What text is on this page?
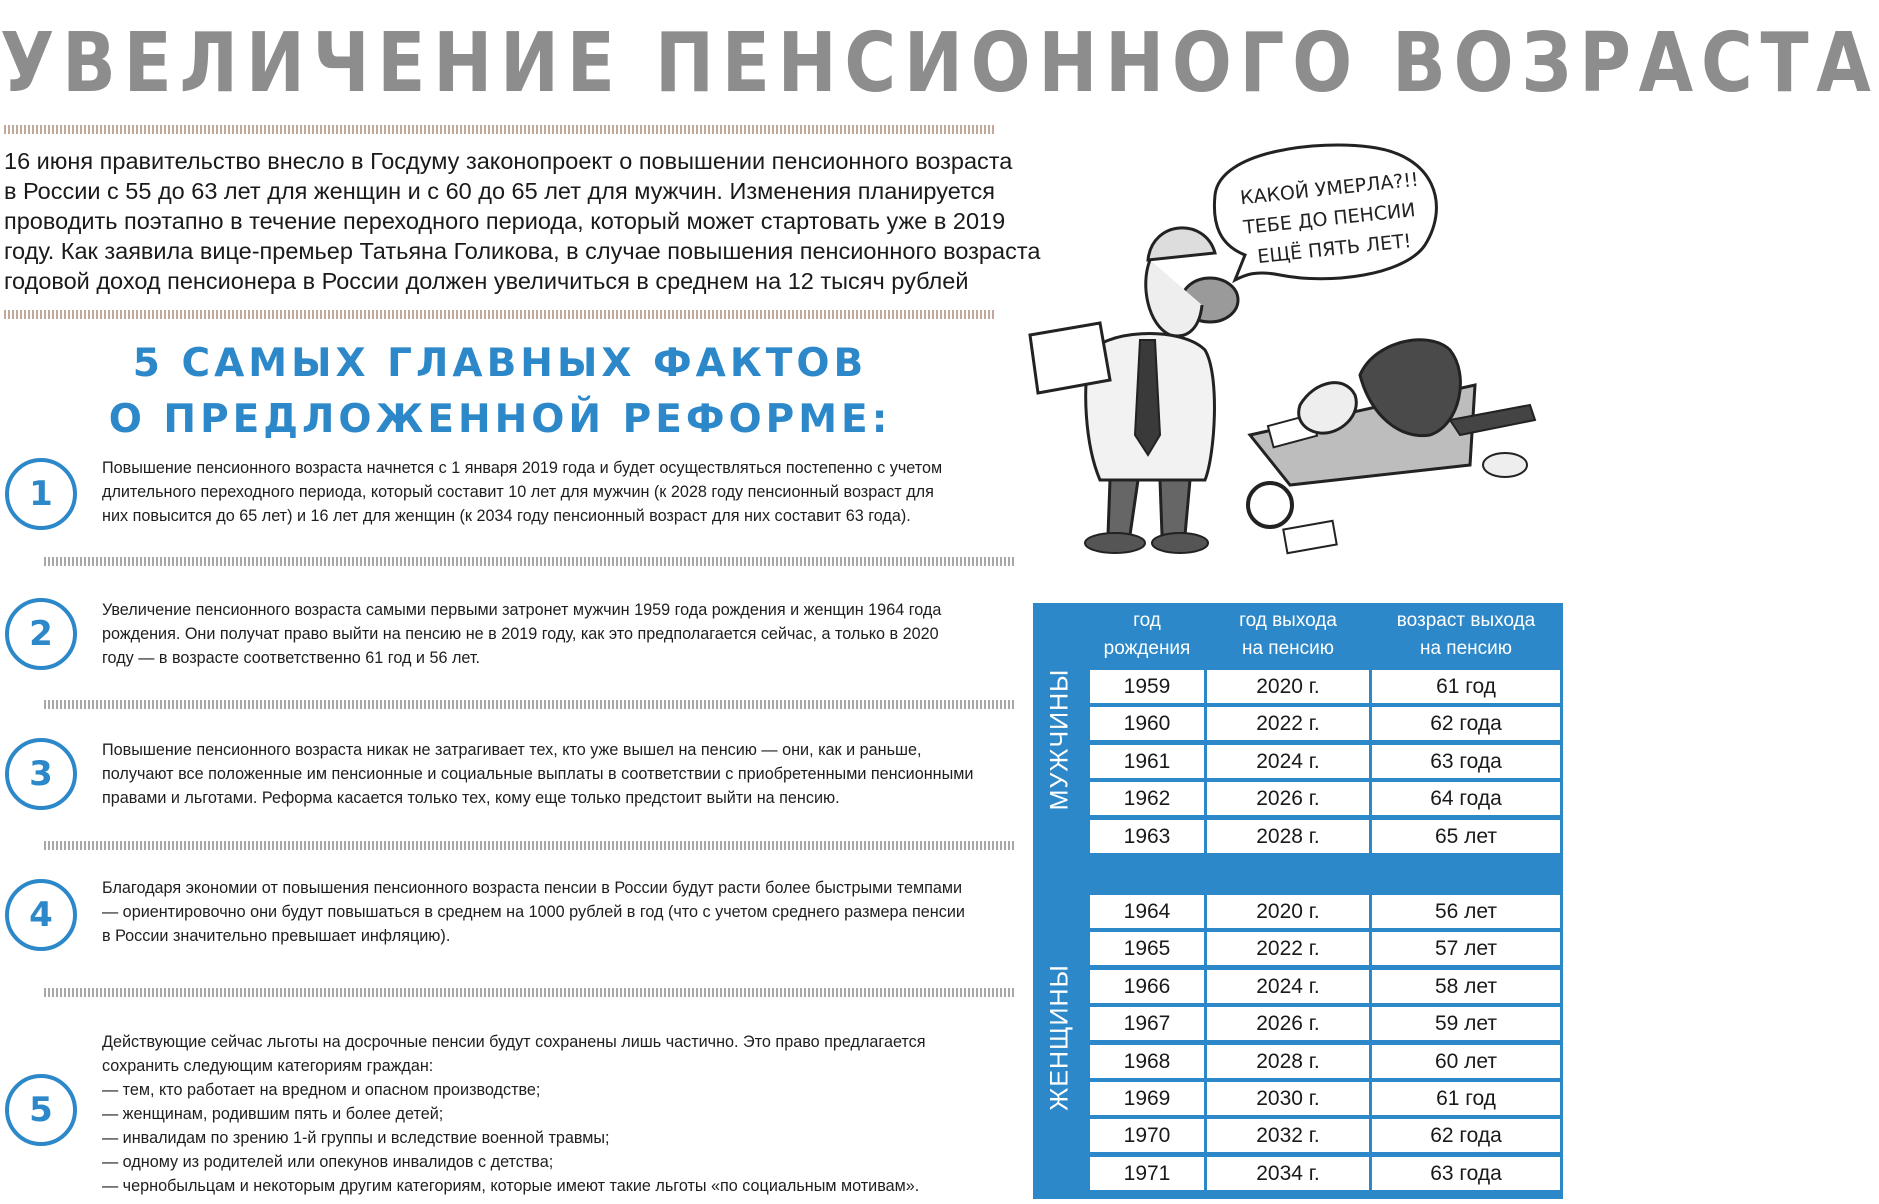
УВЕЛИЧЕНИЕ ПЕНСИОННОГО ВОЗРАСТА
16 июня правительство внесло в Госдуму законопроект о повышении пенсионного возраста
в России с 55 до 63 лет для женщин и с 60 до 65 лет для мужчин. Изменения планируется
проводить поэтапно в течение переходного периода, который может стартовать уже в 2019
году. Как заявила вице-премьер Татьяна Голикова, в случае повышения пенсионного возраста
годовой доход пенсионера в России должен увеличиться в среднем на 12 тысяч рублей
5 САМЫХ ГЛАВНЫХ ФАКТОВ
О ПРЕДЛОЖЕННОЙ РЕФОРМЕ:
1
Повышение пенсионного возраста начнется с 1 января 2019 года и будет осуществляться постепенно с учетом
длительного переходного периода, который составит 10 лет для мужчин (к 2028 году пенсионный возраст для
них повысится до 65 лет) и 16 лет для женщин (к 2034 году пенсионный возраст для них составит 63 года).
2
Увеличение пенсионного возраста самыми первыми затронет мужчин 1959 года рождения и женщин 1964 года
рождения. Они получат право выйти на пенсию не в 2019 году, как это предполагается сейчас, а только в 2020
году — в возрасте соответственно 61 год и 56 лет.
3
Повышение пенсионного возраста никак не затрагивает тех, кто уже вышел на пенсию — они, как и раньше,
получают все положенные им пенсионные и социальные выплаты в соответствии с приобретенными пенсионными
правами и льготами. Реформа касается только тех, кому еще только предстоит выйти на пенсию.
4
Благодаря экономии от повышения пенсионного возраста пенсии в России будут расти более быстрыми темпами
— ориентировочно они будут повышаться в среднем на 1000 рублей в год (что с учетом среднего размера пенсии
в России значительно превышает инфляцию).
5
Действующие сейчас льготы на досрочные пенсии будут сохранены лишь частично. Это право предлагается
сохранить следующим категориям граждан:
— тем, кто работает на вредном и опасном производстве;
— женщинам, родившим пять и более детей;
— инвалидам по зрению 1-й группы и вследствие военной травмы;
— одному из родителей или опекунов инвалидов с детства;
— чернобыльцам и некоторым другим категориям, которые имеют такие льготы «по социальным мотивам».
КАКОЙ УМЕРЛА?!!
ТЕБЕ ДО ПЕНСИИ
ЕЩЁ ПЯТЬ ЛЕТ!
год
рождения
год выхода
на пенсию
возраст выхода
на пенсию
МУЖЧИНЫ
ЖЕНЩИНЫ
1959	2020 г.	61 год
1960	2022 г.	62 года
1961	2024 г.	63 года
1962	2026 г.	64 года
1963	2028 г.	65 лет
1964	2020 г.	56 лет
1965	2022 г.	57 лет
1966	2024 г.	58 лет
1967	2026 г.	59 лет
1968	2028 г.	60 лет
1969	2030 г.	61 год
1970	2032 г.	62 года
1971	2034 г.	63 года
